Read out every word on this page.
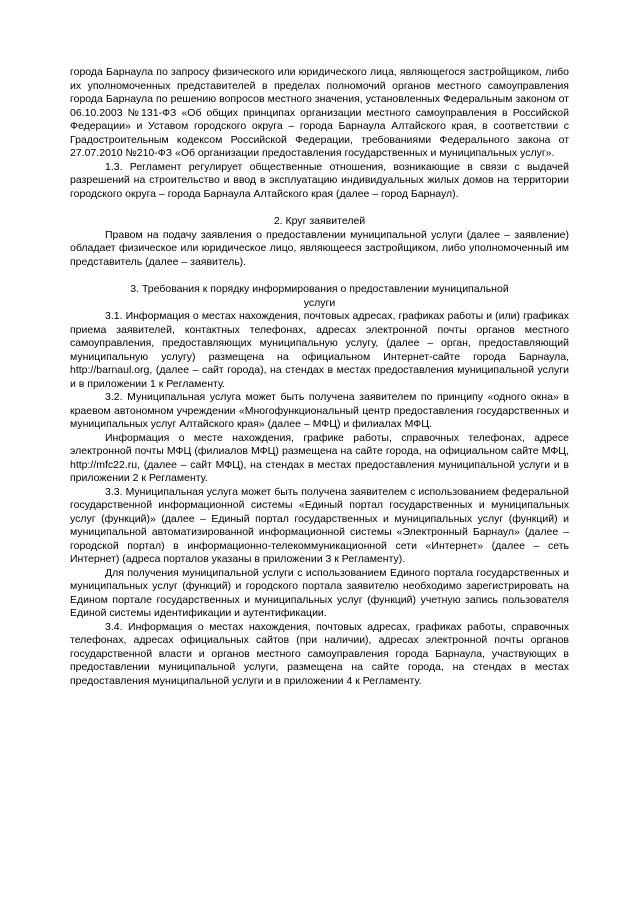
города Барнаула по запросу физического или юридического лица, являющегося застройщиком, либо их уполномоченных представителей в пределах полномочий органов местного самоуправления города Барнаула по решению вопросов местного значения, установленных Федеральным законом от 06.10.2003 №131-ФЗ «Об общих принципах организации местного самоуправления в Российской Федерации» и Уставом городского округа – города Барнаула Алтайского края, в соответствии с Градостроительным кодексом Российской Федерации, требованиями Федерального закона от 27.07.2010 №210-ФЗ «Об организации предоставления государственных и муниципальных услуг».

1.3. Регламент регулирует общественные отношения, возникающие в связи с выдачей разрешений на строительство и ввод в эксплуатацию индивидуальных жилых домов на территории городского округа – города Барнаула Алтайского края (далее – город Барнаул).

2. Круг заявителей

Правом на подачу заявления о предоставлении муниципальной услуги (далее – заявление) обладает физическое или юридическое лицо, являющееся застройщиком, либо уполномоченный им представитель (далее – заявитель).

3. Требования к порядку информирования о предоставлении муниципальной
услуги

3.1. Информация о местах нахождения, почтовых адресах, графиках работы и (или) графиках приема заявителей, контактных телефонах, адресах электронной почты органов местного самоуправления, предоставляющих муниципальную услугу, (далее – орган, предоставляющий муниципальную услугу) размещена на официальном Интернет-сайте города Барнаула, http://barnaul.org, (далее – сайт города), на стендах в местах предоставления муниципальной услуги и в приложении 1 к Регламенту.

3.2. Муниципальная услуга может быть получена заявителем по принципу «одного окна» в краевом автономном учреждении «Многофункциональный центр предоставления государственных и муниципальных услуг Алтайского края» (далее – МФЦ) и филиалах МФЦ.

Информация о месте нахождения, графике работы, справочных телефонах, адресе электронной почты МФЦ (филиалов МФЦ) размещена на сайте города, на официальном сайте МФЦ, http://mfc22.ru, (далее – сайт МФЦ), на стендах в местах предоставления муниципальной услуги и в приложении 2 к Регламенту.

3.3. Муниципальная услуга может быть получена заявителем с использованием федеральной государственной информационной системы «Единый портал государственных и муниципальных услуг (функций)» (далее – Единый портал государственных и муниципальных услуг (функций) и муниципальной автоматизированной информационной системы «Электронный Барнаул» (далее – городской портал) в информационно-телекоммуникационной сети «Интернет» (далее – сеть Интернет) (адреса порталов указаны в приложении 3 к Регламенту).

Для получения муниципальной услуги с использованием Единого портала государственных и муниципальных услуг (функций) и городского портала заявителю необходимо зарегистрировать на Едином портале государственных и муниципальных услуг (функций) учетную запись пользователя Единой системы идентификации и аутентификации.

3.4. Информация о местах нахождения, почтовых адресах, графиках работы, справочных телефонах, адресах официальных сайтов (при наличии), адресах электронной почты органов государственной власти и органов местного самоуправления города Барнаула, участвующих в предоставлении муниципальной услуги, размещена на сайте города, на стендах в местах предоставления муниципальной услуги и в приложении 4 к Регламенту.
